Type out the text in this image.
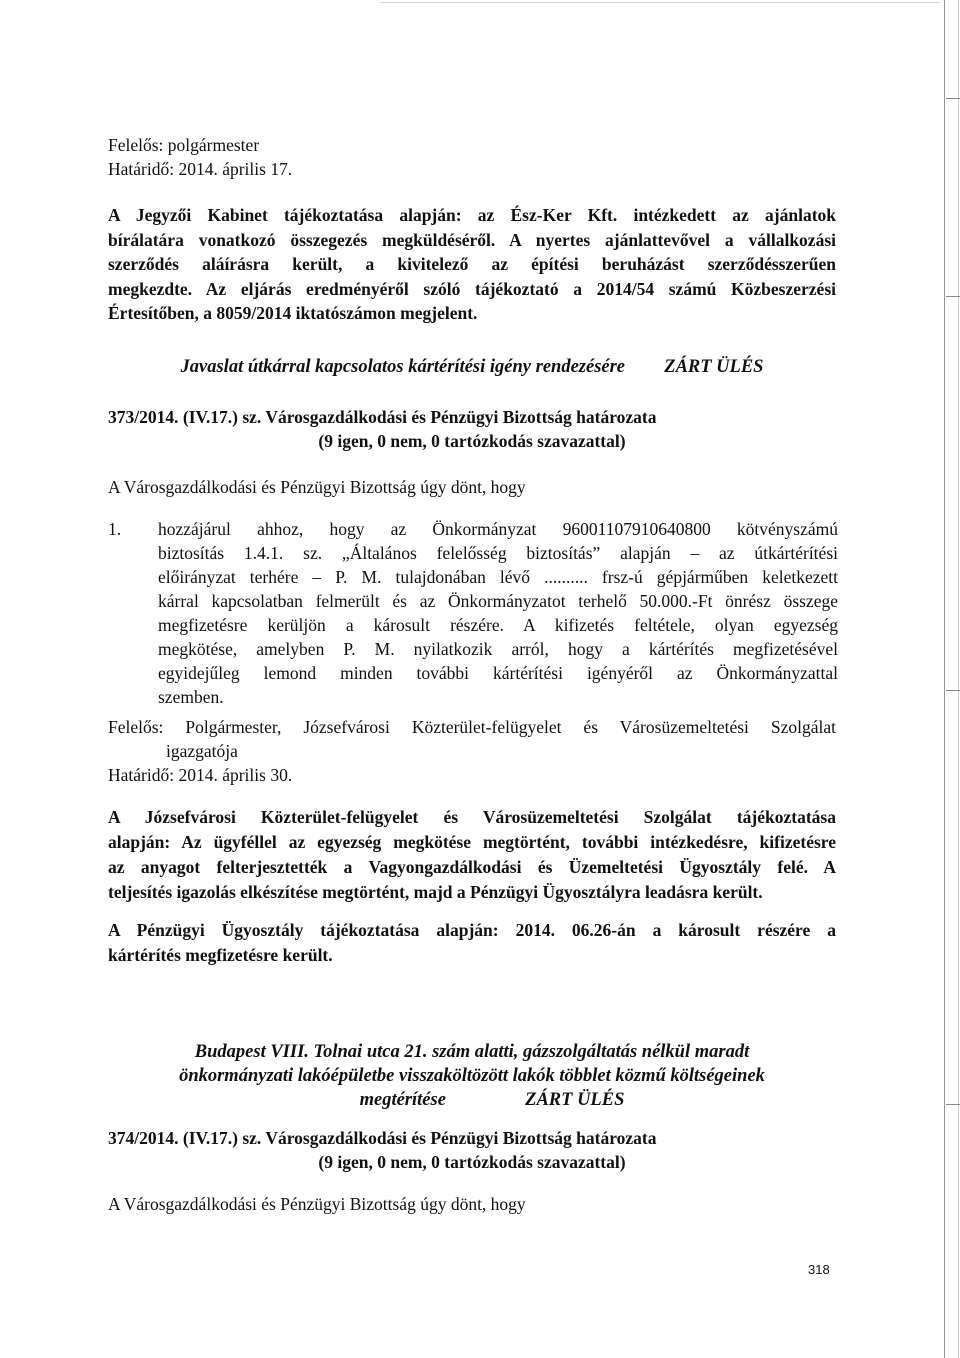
Felelős: polgármester
Határidő: 2014. április 17.
A Jegyzői Kabinet tájékoztatása alapján: az Ész-Ker Kft. intézkedett az ajánlatok
bírálatára vonatkozó összegezés megküldéséről. A nyertes ajánlattevővel a vállalkozási
szerződés aláírásra került, a kivitelező az építési beruházást szerződésszerűen
megkezdte. Az eljárás eredményéről szóló tájékoztató a 2014/54 számú Közbeszerzési
Értesítőben, a 8059/2014 iktatószámon megjelent.
Javaslat útkárral kapcsolatos kártérítési igény rendezésére ZÁRT ÜLÉS
373/2014. (IV.17.) sz. Városgazdálkodási és Pénzügyi Bizottság határozata
(9 igen, 0 nem, 0 tartózkodás szavazattal)
A Városgazdálkodási és Pénzügyi Bizottság úgy dönt, hogy
1. hozzájárul ahhoz, hogy az Önkormányzat 96001107910640800 kötvényszámú
biztosítás 1.4.1. sz. „Általános felelősség biztosítás” alapján – az útkártérítési
előirányzat terhére – P. M. tulajdonában lévő .......... frsz-ú gépjárműben keletkezett
kárral kapcsolatban felmerült és az Önkormányzatot terhelő 50.000.-Ft önrész összege
megfizetésre kerüljön a károsult részére. A kifizetés feltétele, olyan egyezség
megkötése, amelyben P. M. nyilatkozik arról, hogy a kártérítés megfizetésével
egyidejűleg lemond minden további kártérítési igényéről az Önkormányzattal
szemben.
Felelős: Polgármester, Józsefvárosi Közterület-felügyelet és Városüzemeltetési Szolgálat
igazgatója
Határidő: 2014. április 30.
A Józsefvárosi Közterület-felügyelet és Városüzemeltetési Szolgálat tájékoztatása
alapján: Az ügyféllel az egyezség megkötése megtörtént, további intézkedésre, kifizetésre
az anyagot felterjesztették a Vagyongazdálkodási és Üzemeltetési Ügyosztály felé. A
teljesítés igazolás elkészítése megtörtént, majd a Pénzügyi Ügyosztályra leadásra került.
A Pénzügyi Ügyosztály tájékoztatása alapján: 2014. 06.26-án a károsult részére a
kártérítés megfizetésre került.
Budapest VIII. Tolnai utca 21. szám alatti, gázszolgáltatás nélkül maradt
önkormányzati lakóépületbe visszaköltözött lakók többlet közmű költségeinek
megtérítése	ZÁRT ÜLÉS
374/2014. (IV.17.) sz. Városgazdálkodási és Pénzügyi Bizottság határozata
(9 igen, 0 nem, 0 tartózkodás szavazattal)
A Városgazdálkodási és Pénzügyi Bizottság úgy dönt, hogy
318
